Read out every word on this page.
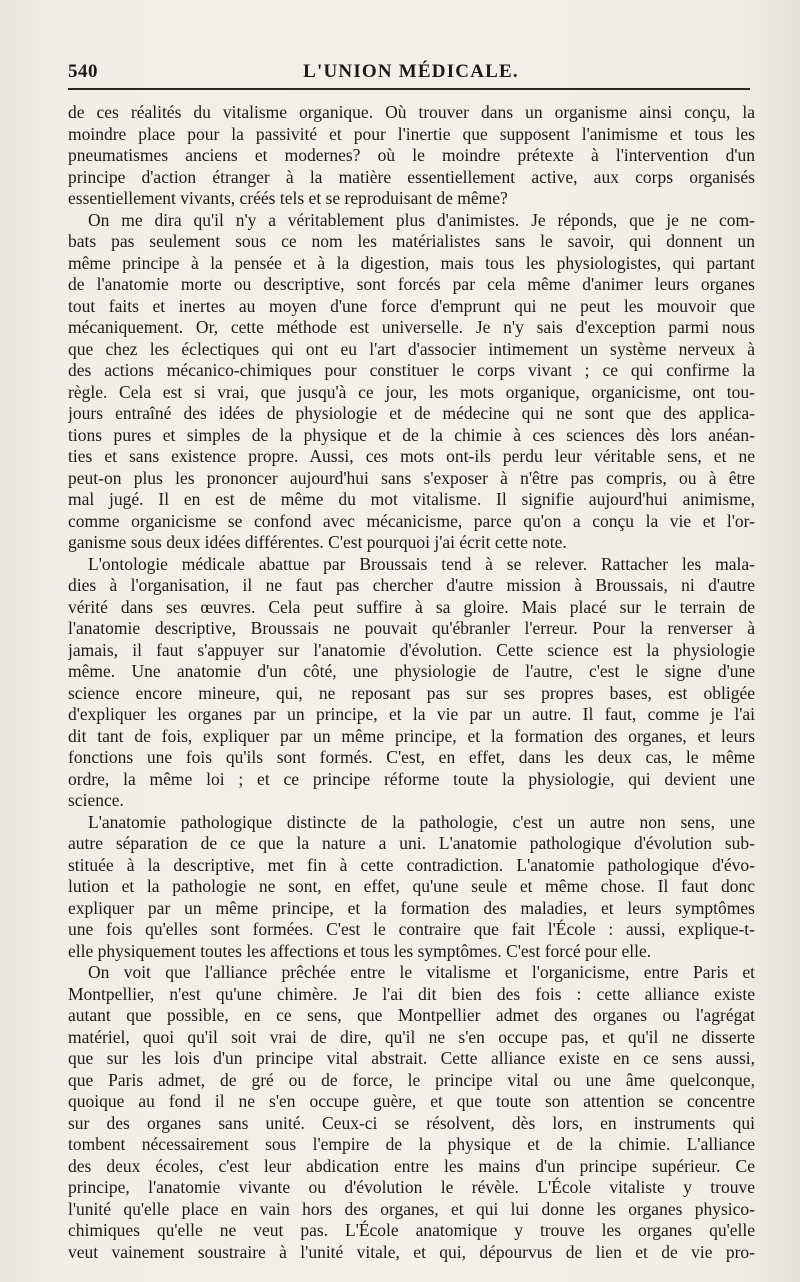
540	L'UNION MÉDICALE.
de ces réalités du vitalisme organique. Où trouver dans un organisme ainsi conçu, la
moindre place pour la passivité et pour l'inertie que supposent l'animisme et tous les
pneumatismes anciens et modernes? où le moindre prétexte à l'intervention d'un
principe d'action étranger à la matière essentiellement active, aux corps organisés
essentiellement vivants, créés tels et se reproduisant de même?
On me dira qu'il n'y a véritablement plus d'animistes. Je réponds, que je ne com-
bats pas seulement sous ce nom les matérialistes sans le savoir, qui donnent un
même principe à la pensée et à la digestion, mais tous les physiologistes, qui partant
de l'anatomie morte ou descriptive, sont forcés par cela même d'animer leurs organes
tout faits et inertes au moyen d'une force d'emprunt qui ne peut les mouvoir que
mécaniquement. Or, cette méthode est universelle. Je n'y sais d'exception parmi nous
que chez les éclectiques qui ont eu l'art d'associer intimement un système nerveux à
des actions mécanico-chimiques pour constituer le corps vivant ; ce qui confirme la
règle. Cela est si vrai, que jusqu'à ce jour, les mots organique, organicisme, ont tou-
jours entraîné des idées de physiologie et de médecine qui ne sont que des applica-
tions pures et simples de la physique et de la chimie à ces sciences dès lors anéan-
ties et sans existence propre. Aussi, ces mots ont-ils perdu leur véritable sens, et ne
peut-on plus les prononcer aujourd'hui sans s'exposer à n'être pas compris, ou à être
mal jugé. Il en est de même du mot vitalisme. Il signifie aujourd'hui animisme,
comme organicisme se confond avec mécanicisme, parce qu'on a conçu la vie et l'or-
ganisme sous deux idées différentes. C'est pourquoi j'ai écrit cette note.
L'ontologie médicale abattue par Broussais tend à se relever. Rattacher les mala-
dies à l'organisation, il ne faut pas chercher d'autre mission à Broussais, ni d'autre
vérité dans ses œuvres. Cela peut suffire à sa gloire. Mais placé sur le terrain de
l'anatomie descriptive, Broussais ne pouvait qu'ébranler l'erreur. Pour la renverser à
jamais, il faut s'appuyer sur l'anatomie d'évolution. Cette science est la physiologie
même. Une anatomie d'un côté, une physiologie de l'autre, c'est le signe d'une
science encore mineure, qui, ne reposant pas sur ses propres bases, est obligée
d'expliquer les organes par un principe, et la vie par un autre. Il faut, comme je l'ai
dit tant de fois, expliquer par un même principe, et la formation des organes, et leurs
fonctions une fois qu'ils sont formés. C'est, en effet, dans les deux cas, le même
ordre, la même loi ; et ce principe réforme toute la physiologie, qui devient une
science.
L'anatomie pathologique distincte de la pathologie, c'est un autre non sens, une
autre séparation de ce que la nature a uni. L'anatomie pathologique d'évolution sub-
stituée à la descriptive, met fin à cette contradiction. L'anatomie pathologique d'évo-
lution et la pathologie ne sont, en effet, qu'une seule et même chose. Il faut donc
expliquer par un même principe, et la formation des maladies, et leurs symptômes
une fois qu'elles sont formées. C'est le contraire que fait l'École : aussi, explique-t-
elle physiquement toutes les affections et tous les symptômes. C'est forcé pour elle.
On voit que l'alliance prêchée entre le vitalisme et l'organicisme, entre Paris et
Montpellier, n'est qu'une chimère. Je l'ai dit bien des fois : cette alliance existe
autant que possible, en ce sens, que Montpellier admet des organes ou l'agrégat
matériel, quoi qu'il soit vrai de dire, qu'il ne s'en occupe pas, et qu'il ne disserte
que sur les lois d'un principe vital abstrait. Cette alliance existe en ce sens aussi,
que Paris admet, de gré ou de force, le principe vital ou une âme quelconque,
quoique au fond il ne s'en occupe guère, et que toute son attention se concentre
sur des organes sans unité. Ceux-ci se résolvent, dès lors, en instruments qui
tombent nécessairement sous l'empire de la physique et de la chimie. L'alliance
des deux écoles, c'est leur abdication entre les mains d'un principe supérieur. Ce
principe, l'anatomie vivante ou d'évolution le révèle. L'École vitaliste y trouve
l'unité qu'elle place en vain hors des organes, et qui lui donne les organes physico-
chimiques qu'elle ne veut pas. L'École anatomique y trouve les organes qu'elle
veut vainement soustraire à l'unité vitale, et qui, dépourvus de lien et de vie pro-
